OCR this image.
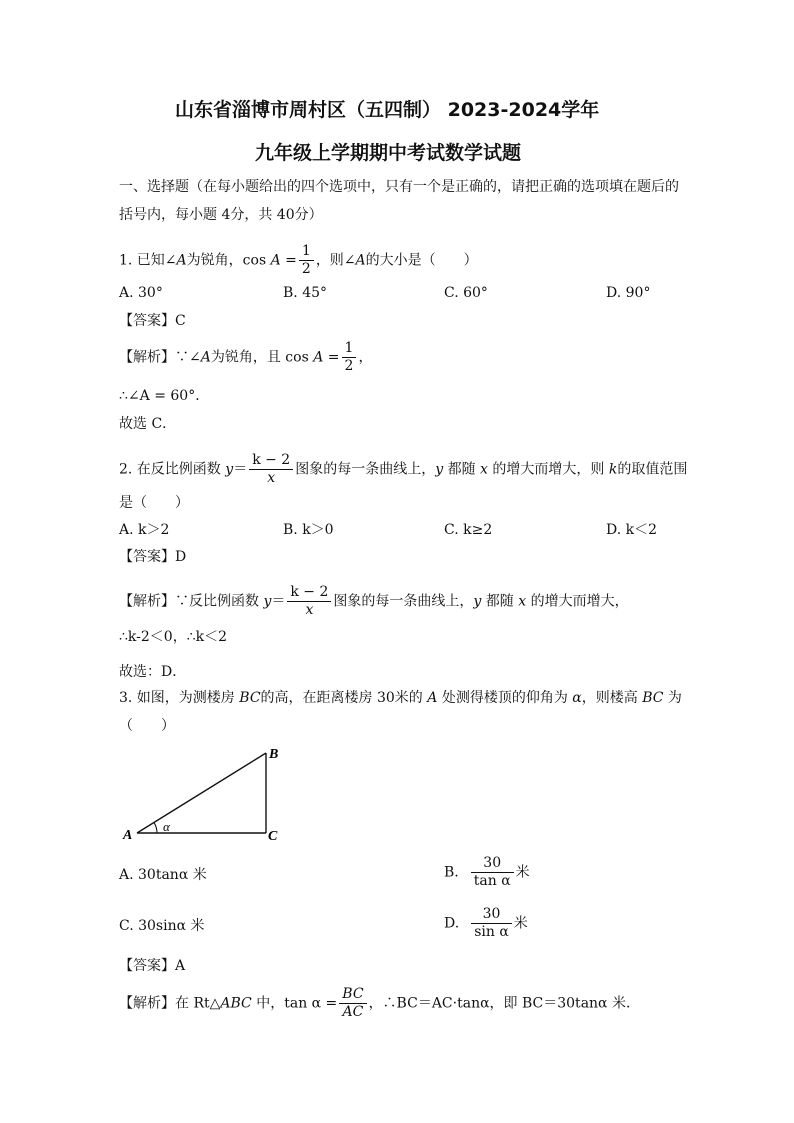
山东省淄博市周村区（五四制） 2023-2024学年
九年级上学期期中考试数学试题
一、选择题（在每小题给出的四个选项中，只有一个是正确的，请把正确的选项填在题后的
括号内，每小题 4分，共 40分）
1. 已知∠A为锐角，$\cos A = \frac{1}{2}$ ，则∠A的大小是（　　）
A. 30°	B. 45°	C. 60°	D. 90°
【答案】C
【解析】∵∠A为锐角，且 $\cos A = \frac{1}{2}$ ，
∴∠A = 60°．
故选 C．
2. 在反比例函数 $y= \frac{k - 2}{x}$ 图象的每一条曲线上，y 都随 x 的增大而增大，则 k的取值范围
是（　　）
A. k＞2	B. k＞0	C. k≥2	D. k＜2
【答案】D
【解析】∵反比例函数 $y= \frac{k - 2}{x}$ 图象的每一条曲线上，y 都随 x 的增大而增大，
∴k-2＜0，∴k＜2
故选：D．
3. 如图，为测楼房 BC的高，在距离楼房 30米的 A 处测得楼顶的仰角为 α，则楼高 BC 为
（　　）
A
B
C
α
A. 30tanα 米	B. $\frac{30}{\text{tan α}}$ 米
C. 30sinα 米	D. $\frac{30}{\text{sin α}}$ 米
【答案】A
【解析】在 Rt△ABC 中，$\tan \alpha = \frac{BC}{AC}$ ，∴BC＝AC·tanα，即 BC＝30tanα 米．
